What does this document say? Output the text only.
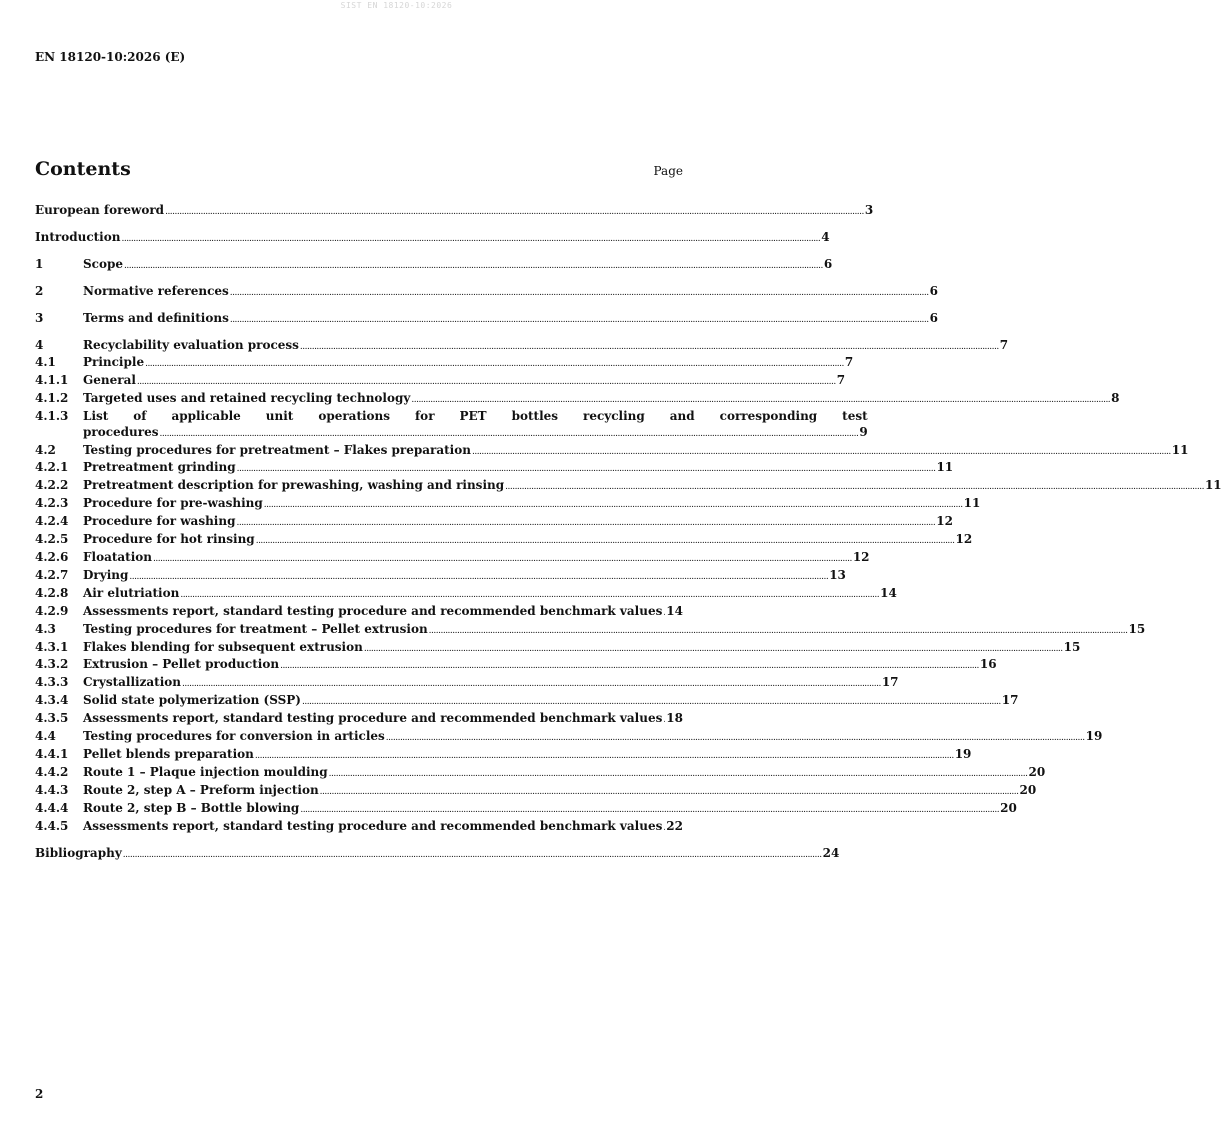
SIST EN 18120-10:2026
EN 18120-10:2026 (E)
Contents	Page
European foreword .....	3
Introduction .....	4
1	Scope .....	6
2	Normative references .....	6
3	Terms and definitions .....	6
4	Recyclability evaluation process .....	7
4.1	Principle .....	7
4.1.1	General .....	7
4.1.2	Targeted uses and retained recycling technology .....	8
4.1.3	List of applicable unit operations for PET bottles recycling and corresponding test
procedures .....	9
4.2	Testing procedures for pretreatment – Flakes preparation .....	11
4.2.1	Pretreatment grinding .....	11
4.2.2	Pretreatment description for prewashing, washing and rinsing .....	11
4.2.3	Procedure for pre-washing .....	11
4.2.4	Procedure for washing .....	12
4.2.5	Procedure for hot rinsing .....	12
4.2.6	Floatation .....	12
4.2.7	Drying .....	13
4.2.8	Air elutriation .....	14
4.2.9	Assessments report, standard testing procedure and recommended benchmark values ..... 14
4.3	Testing procedures for treatment – Pellet extrusion .....	15
4.3.1	Flakes blending for subsequent extrusion .....	15
4.3.2	Extrusion – Pellet production .....	16
4.3.3	Crystallization .....	17
4.3.4	Solid state polymerization (SSP) .....	17
4.3.5	Assessments report, standard testing procedure and recommended benchmark values ..... 18
4.4	Testing procedures for conversion in articles .....	19
4.4.1	Pellet blends preparation .....	19
4.4.2	Route 1 – Plaque injection moulding .....	20
4.4.3	Route 2, step A – Preform injection .....	20
4.4.4	Route 2, step B – Bottle blowing .....	20
4.4.5	Assessments report, standard testing procedure and recommended benchmark values ..... 22
Bibliography .....	24
2
